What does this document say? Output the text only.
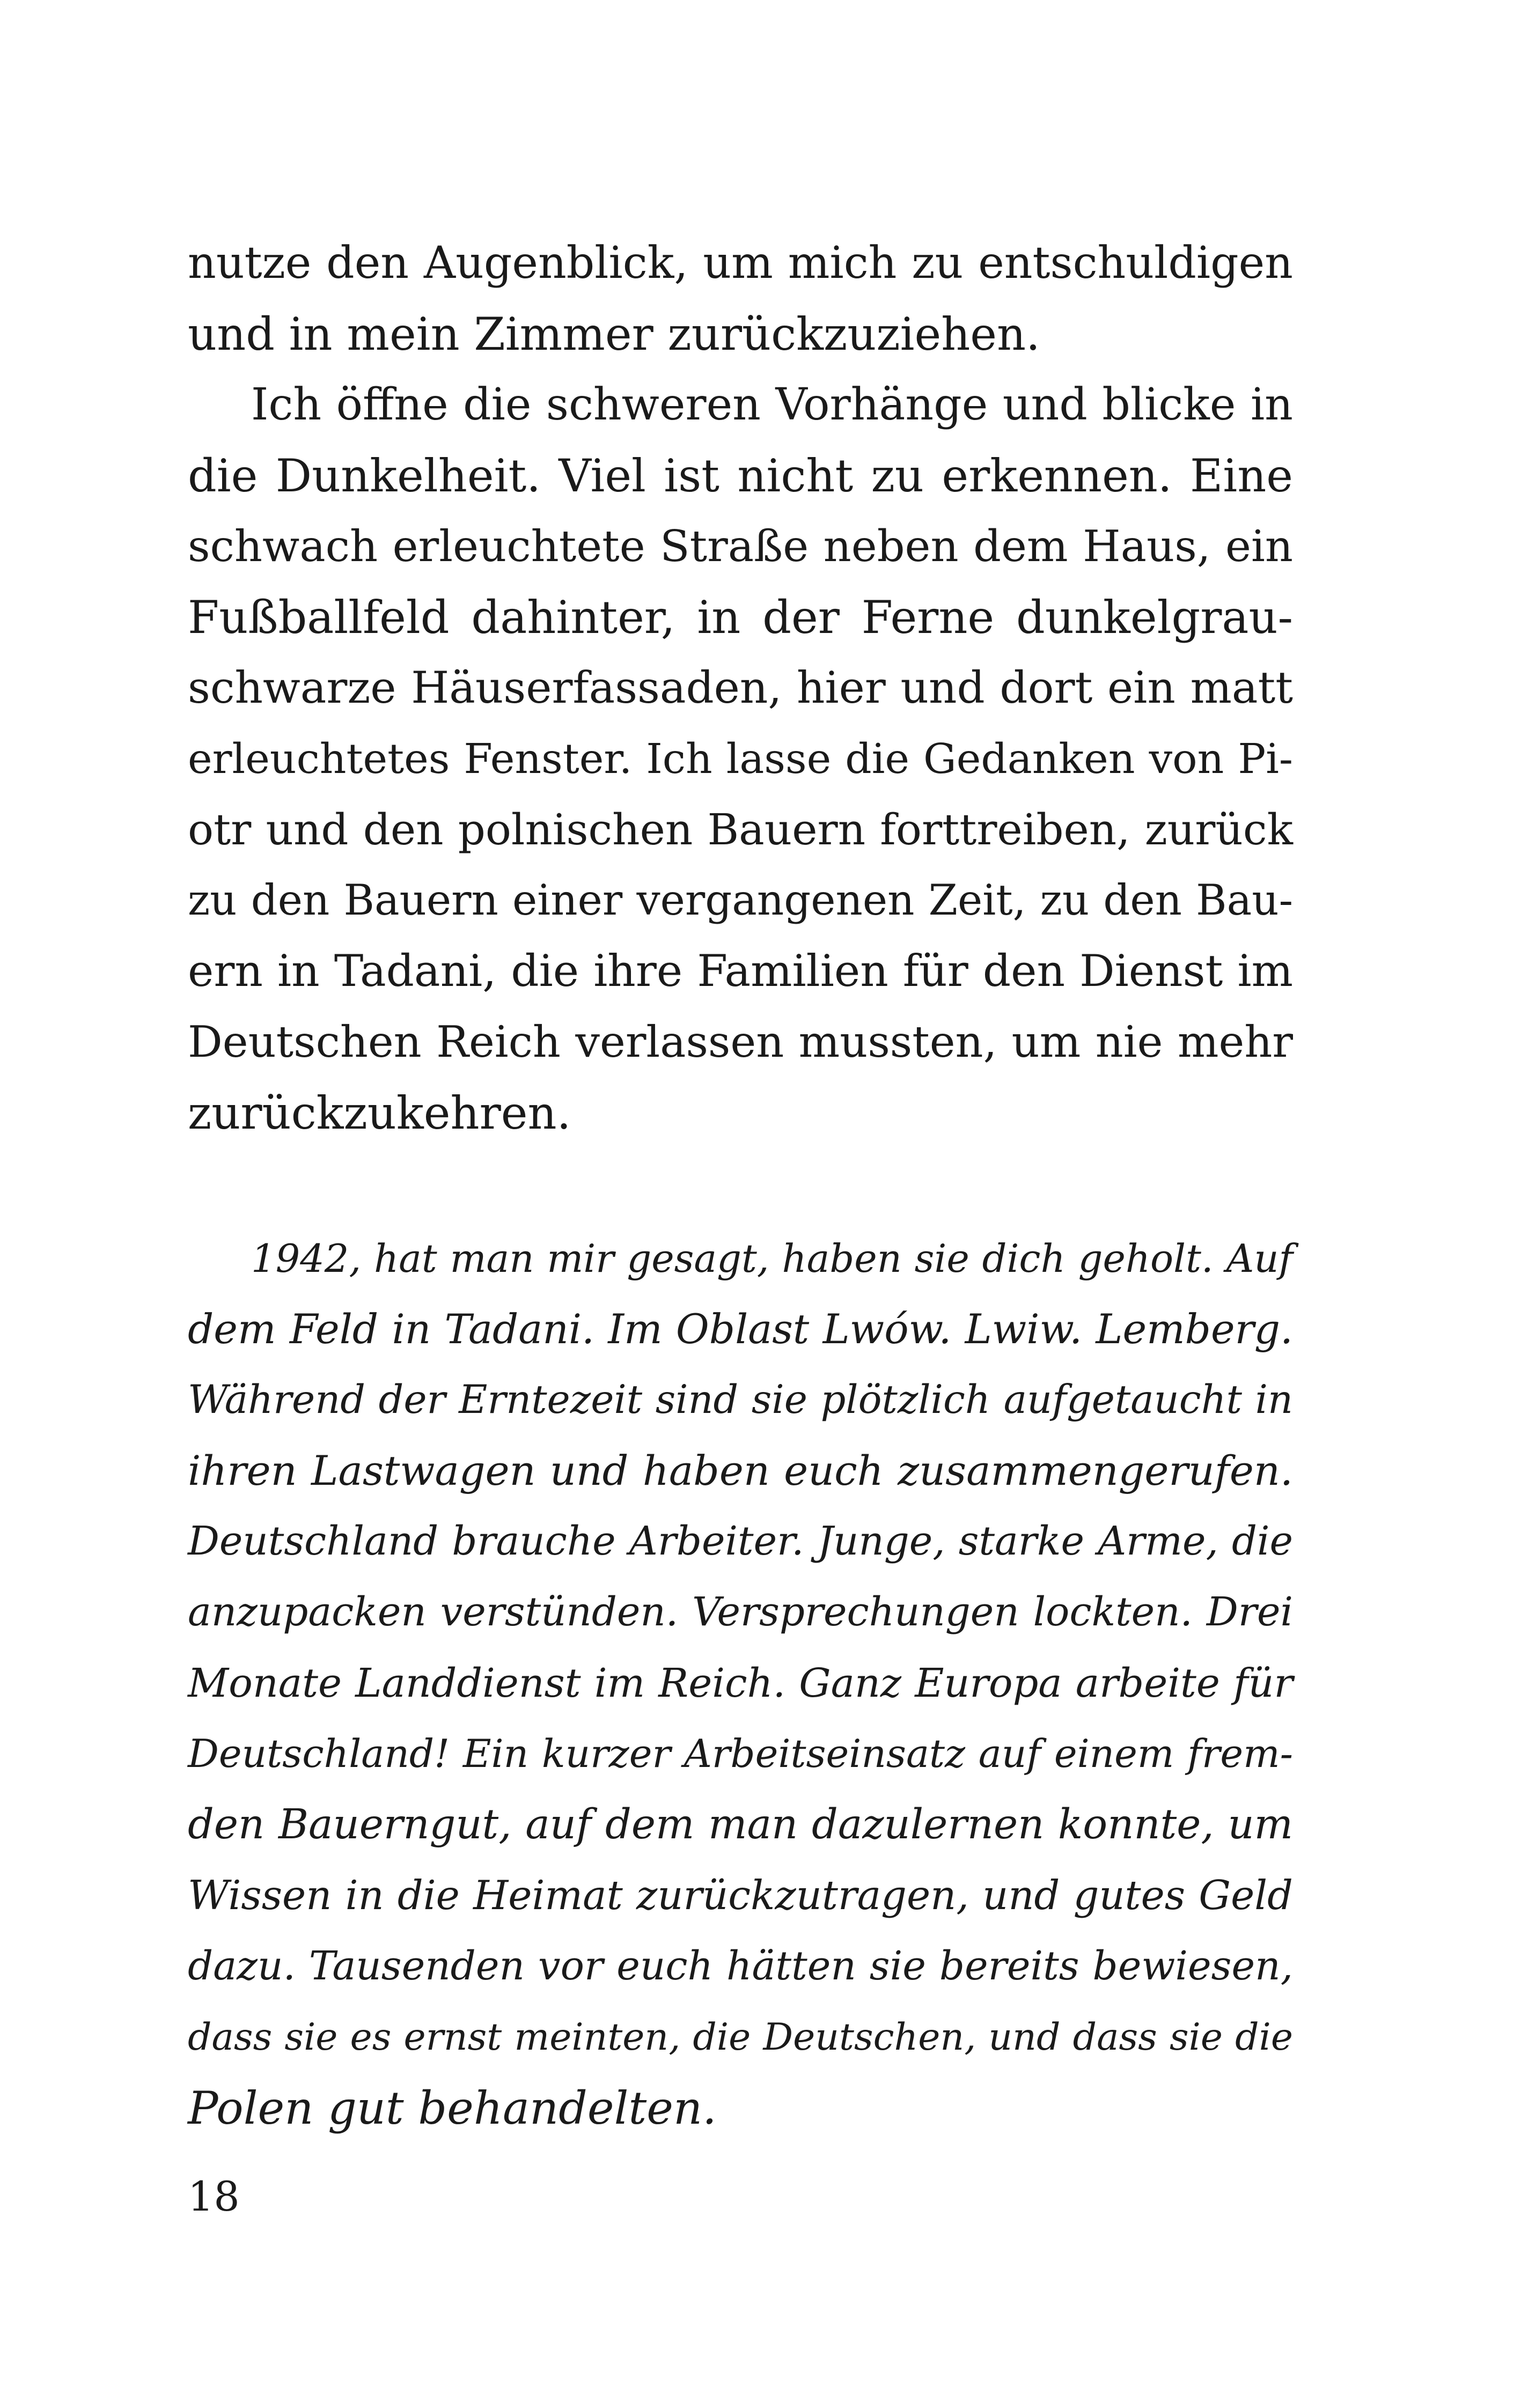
nutze den Augenblick, um mich zu entschuldigen
und in mein Zimmer zurückzuziehen.
Ich öffne die schweren Vorhänge und blicke in
die Dunkelheit. Viel ist nicht zu erkennen. Eine
schwach erleuchtete Straße neben dem Haus, ein
Fußballfeld dahinter, in der Ferne dunkelgrau-
schwarze Häuserfassaden, hier und dort ein matt
erleuchtetes Fenster. Ich lasse die Gedanken von Pi-
otr und den polnischen Bauern forttreiben, zurück
zu den Bauern einer vergangenen Zeit, zu den Bau-
ern in Tadani, die ihre Familien für den Dienst im
Deutschen Reich verlassen mussten, um nie mehr
zurückzukehren.
1942, hat man mir gesagt, haben sie dich geholt. Auf
dem Feld in Tadani. Im Oblast Lwów. Lwiw. Lemberg.
Während der Erntezeit sind sie plötzlich aufgetaucht in
ihren Lastwagen und haben euch zusammengerufen.
Deutschland brauche Arbeiter. Junge, starke Arme, die
anzupacken verstünden. Versprechungen lockten. Drei
Monate Landdienst im Reich. Ganz Europa arbeite für
Deutschland! Ein kurzer Arbeitseinsatz auf einem frem-
den Bauerngut, auf dem man dazulernen konnte, um
Wissen in die Heimat zurückzutragen, und gutes Geld
dazu. Tausenden vor euch hätten sie bereits bewiesen,
dass sie es ernst meinten, die Deutschen, und dass sie die
Polen gut behandelten.
18
